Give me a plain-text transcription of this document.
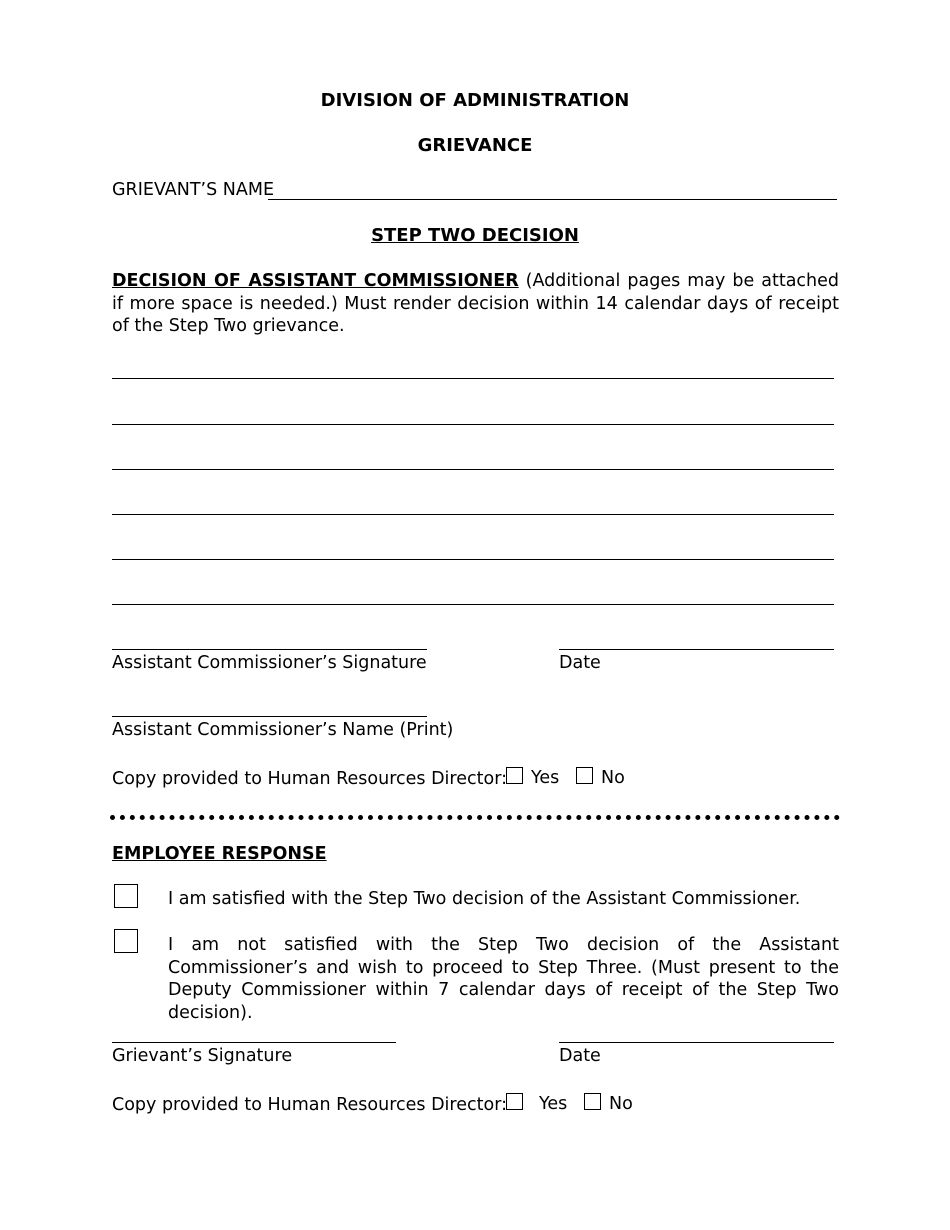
DIVISION OF ADMINISTRATION
GRIEVANCE
GRIEVANT’S NAME
STEP TWO DECISION
DECISION OF ASSISTANT COMMISSIONER (Additional pages may be attached if more space is needed.) Must render decision within 14 calendar days of receipt of the Step Two grievance.
Assistant Commissioner’s Signature	Date
Assistant Commissioner’s Name (Print)
Copy provided to Human Resources Director:	Yes	No
EMPLOYEE RESPONSE
I am satisfied with the Step Two decision of the Assistant Commissioner.
I am not satisfied with the Step Two decision of the Assistant Commissioner’s and wish to proceed to Step Three. (Must present to the Deputy Commissioner within 7 calendar days of receipt of the Step Two decision).
Grievant’s Signature	Date
Copy provided to Human Resources Director:	Yes	No
